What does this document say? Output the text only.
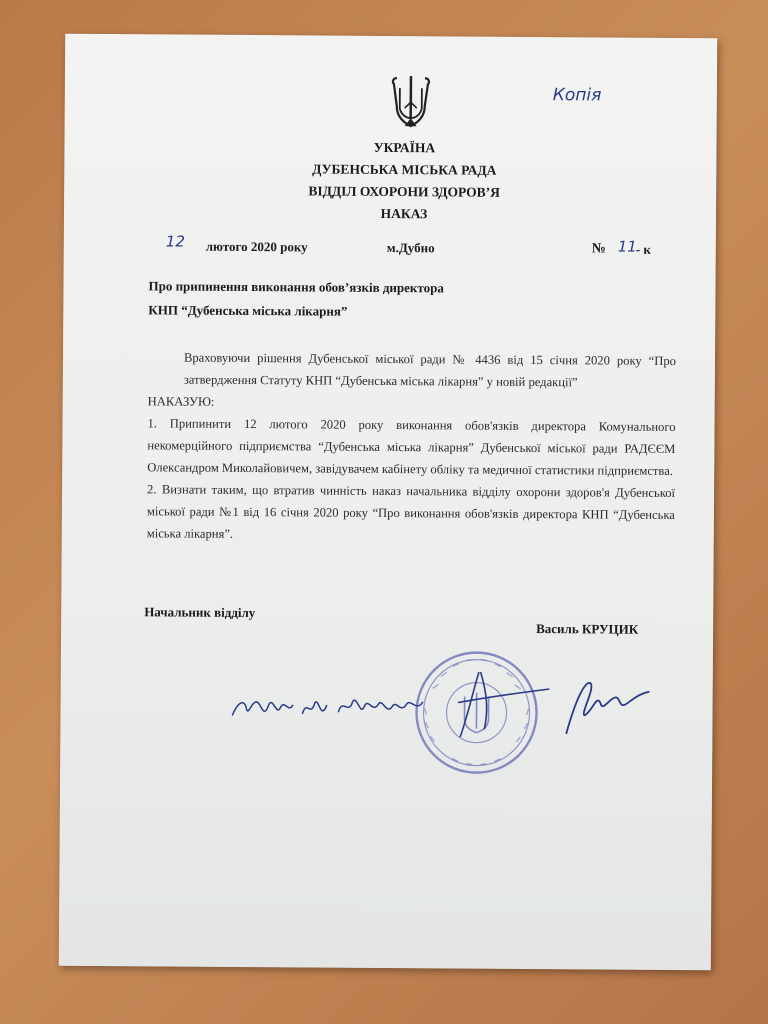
Копія
УКРАЇНА
ДУБЕНСЬКА МІСЬКА РАДА
ВІДДІЛ ОХОРОНИ ЗДОРОВ’Я
НАКАЗ
12 лютого 2020 року	м.Дубно	№ 11
- к
Про припинення виконання обов’язків директора
КНП “Дубенська міська лікарня”

Враховуючи рішення Дубенської міської ради № 4436 від 15 січня 2020 року “Про затвердження Статуту КНП “Дубенська міська лікарня” у новій редакції”

НАКАЗУЮ:

1. Припинити 12 лютого 2020 року виконання обов'язків директора Комунального некомерційного підприємства “Дубенська міська лікарня” Дубенської міської ради РАДЄЄМ Олександром Миколайовичем, завідувачем кабінету обліку та медичної статистики підприємства.

2. Визнати таким, що втратив чинність наказ начальника відділу охорони здоров'я Дубенської міської ради №1 від 16 січня 2020 року “Про виконання обов'язків директора КНП “Дубенська міська лікарня”.

Начальник відділу
Василь КРУЦИК
